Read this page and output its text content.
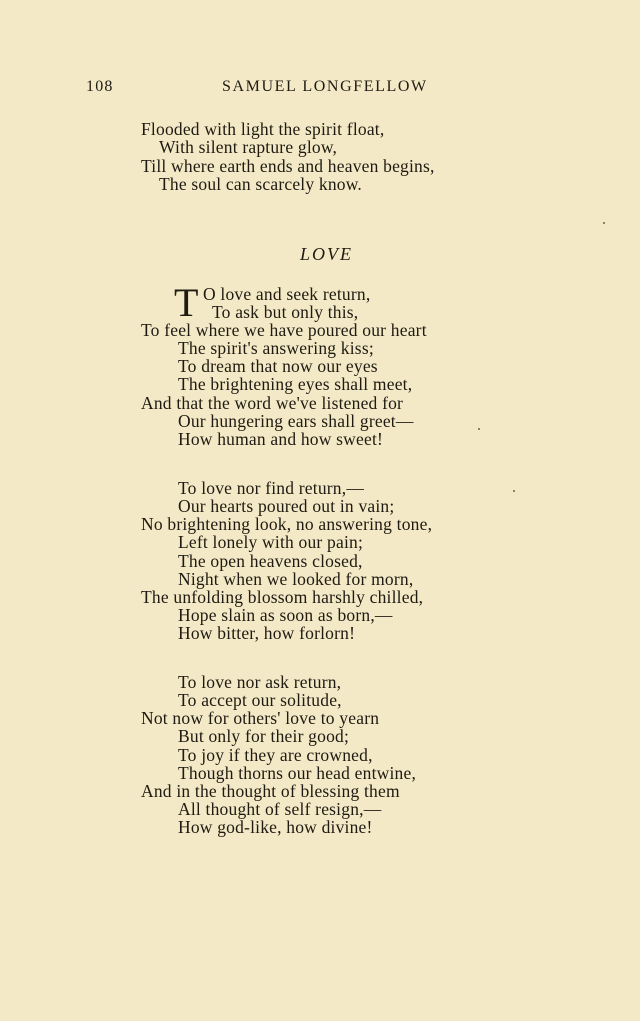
108	SAMUEL LONGFELLOW
Flooded with light the spirit float,
With silent rapture glow,
Till where earth ends and heaven begins,
The soul can scarcely know.
LOVE
T O love and seek return,
To ask but only this,
To feel where we have poured our heart
The spirit's answering kiss;
To dream that now our eyes
The brightening eyes shall meet,
And that the word we've listened for
Our hungering ears shall greet—
How human and how sweet!
To love nor find return,—
Our hearts poured out in vain;
No brightening look, no answering tone,
Left lonely with our pain;
The open heavens closed,
Night when we looked for morn,
The unfolding blossom harshly chilled,
Hope slain as soon as born,—
How bitter, how forlorn!
To love nor ask return,
To accept our solitude,
Not now for others' love to yearn
But only for their good;
To joy if they are crowned,
Though thorns our head entwine,
And in the thought of blessing them
All thought of self resign,—
How god-like, how divine!
